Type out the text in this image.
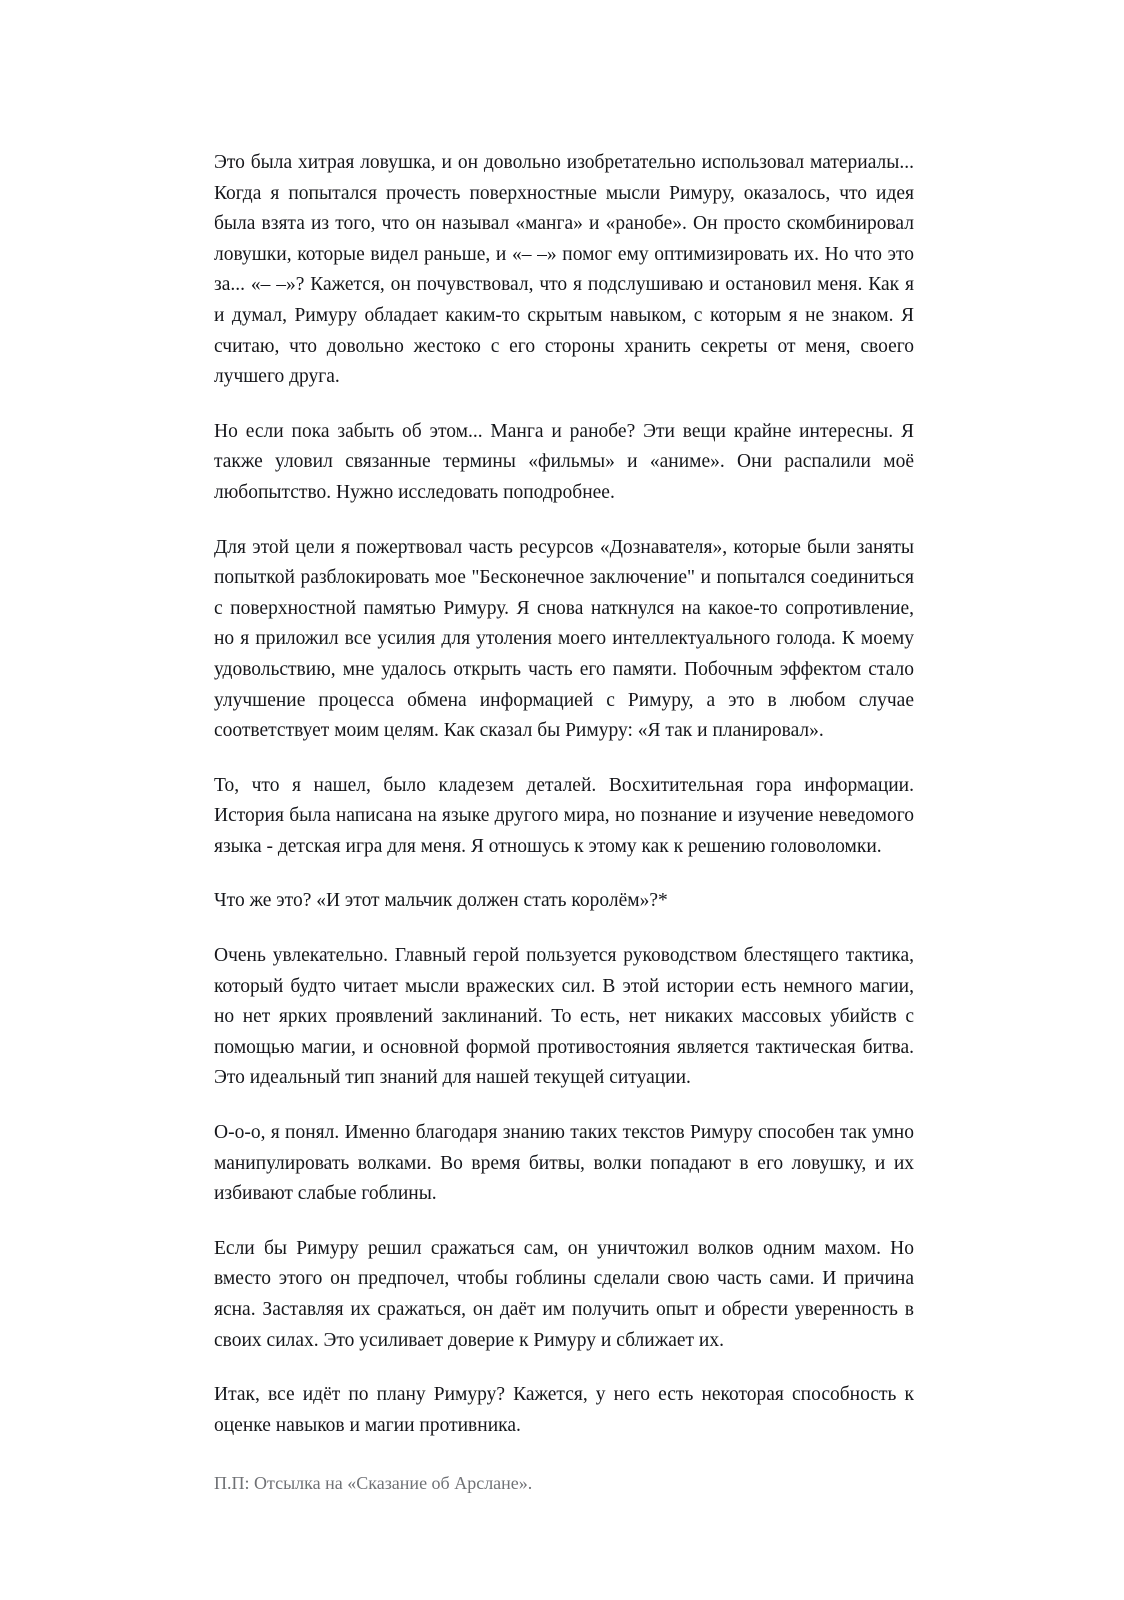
Это была хитрая ловушка, и он довольно изобретательно использовал материалы... Когда я попытался прочесть поверхностные мысли Римуру, оказалось, что идея была взята из того, что он называл «манга» и «ранобе». Он просто скомбинировал ловушки, которые видел раньше, и «– –» помог ему оптимизировать их. Но что это за... «– –»? Кажется, он почувствовал, что я подслушиваю и остановил меня. Как я и думал, Римуру обладает каким-то скрытым навыком, с которым я не знаком. Я считаю, что довольно жестоко с его стороны хранить секреты от меня, своего лучшего друга.

Но если пока забыть об этом... Манга и ранобе? Эти вещи крайне интересны. Я также уловил связанные термины «фильмы» и «аниме». Они распалили моё любопытство. Нужно исследовать поподробнее.

Для этой цели я пожертвовал часть ресурсов «Дознавателя», которые были заняты попыткой разблокировать мое "Бесконечное заключение" и попытался соединиться с поверхностной памятью Римуру. Я снова наткнулся на какое-то сопротивление, но я приложил все усилия для утоления моего интеллектуального голода. К моему удовольствию, мне удалось открыть часть его памяти. Побочным эффектом стало улучшение процесса обмена информацией с Римуру, а это в любом случае соответствует моим целям. Как сказал бы Римуру: «Я так и планировал».

То, что я нашел, было кладезем деталей. Восхитительная гора информации. История была написана на языке другого мира, но познание и изучение неведомого языка - детская игра для меня. Я отношусь к этому как к решению головоломки.

Что же это? «И этот мальчик должен стать королём»?*

Очень увлекательно. Главный герой пользуется руководством блестящего тактика, который будто читает мысли вражеских сил. В этой истории есть немного магии, но нет ярких проявлений заклинаний. То есть, нет никаких массовых убийств с помощью магии, и основной формой противостояния является тактическая битва. Это идеальный тип знаний для нашей текущей ситуации.

О-о-о, я понял. Именно благодаря знанию таких текстов Римуру способен так умно манипулировать волками. Во время битвы, волки попадают в его ловушку, и их избивают слабые гоблины.

Если бы Римуру решил сражаться сам, он уничтожил волков одним махом. Но вместо этого он предпочел, чтобы гоблины сделали свою часть сами. И причина ясна. Заставляя их сражаться, он даёт им получить опыт и обрести уверенность в своих силах. Это усиливает доверие к Римуру и сближает их.

Итак, все идёт по плану Римуру? Кажется, у него есть некоторая способность к оценке навыков и магии противника.

П.П: Отсылка на «Сказание об Арслане».
